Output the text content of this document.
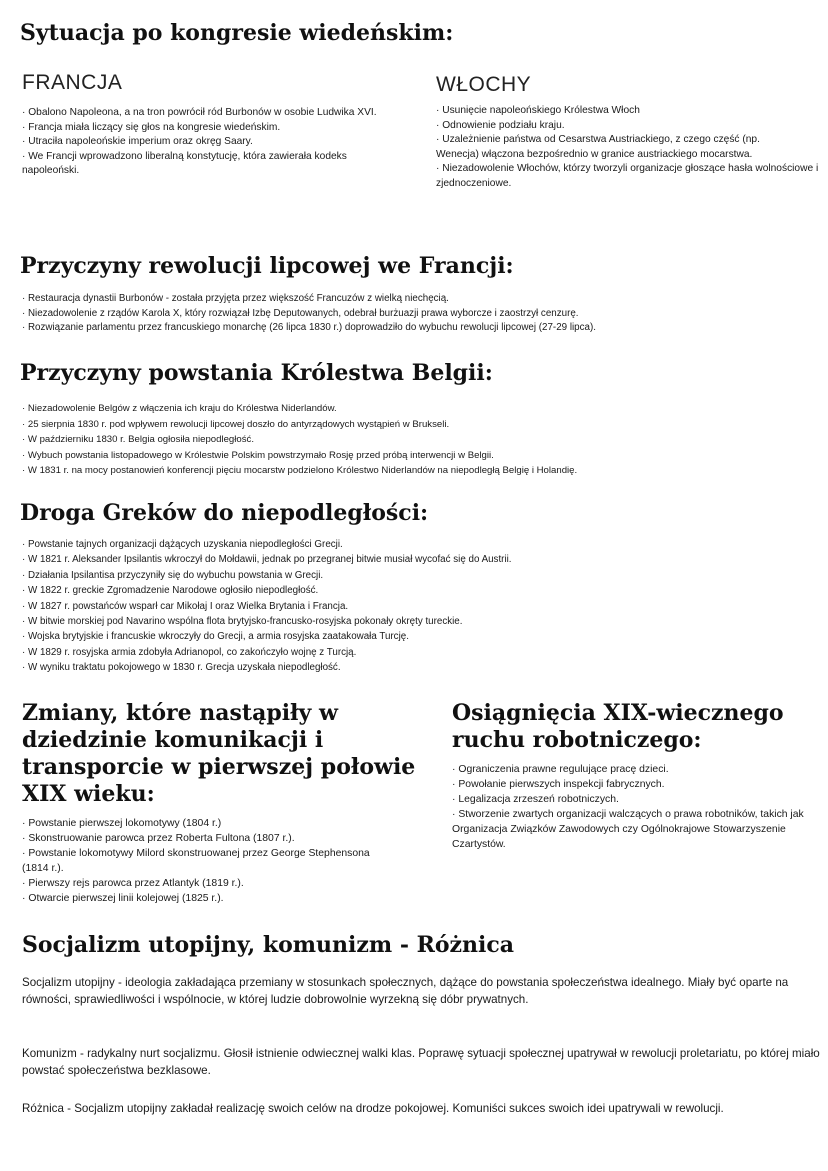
Sytuacja po kongresie wiedeńskim:
FRANCJA
· Obalono Napoleona, a na tron powrócił ród Burbonów w osobie Ludwika XVI.
· Francja miała liczący się głos na kongresie wiedeńskim.
· Utraciła napoleońskie imperium oraz okręg Saary.
· We Francji wprowadzono liberalną konstytucję, która zawierała kodeks napoleoński.
WŁOCHY
· Usunięcie napoleońskiego Królestwa Włoch
· Odnowienie podziału kraju.
· Uzależnienie państwa od Cesarstwa Austriackiego, z czego część (np. Wenecja) włączona bezpośrednio w granice austriackiego mocarstwa.
· Niezadowolenie Włochów, którzy tworzyli organizacje głoszące hasła wolnościowe i zjednoczeniowe.
Przyczyny rewolucji lipcowej we Francji:
· Restauracja dynastii Burbonów - została przyjęta przez większość Francuzów z wielką niechęcią.
· Niezadowolenie z rządów Karola X, który rozwiązał Izbę Deputowanych, odebrał burżuazji prawa wyborcze i zaostrzył cenzurę.
· Rozwiązanie parlamentu przez francuskiego monarchę (26 lipca 1830 r.) doprowadziło do wybuchu rewolucji lipcowej (27-29 lipca).
Przyczyny powstania Królestwa Belgii:
· Niezadowolenie Belgów z włączenia ich kraju do Królestwa Niderlandów.
· 25 sierpnia 1830 r. pod wpływem rewolucji lipcowej doszło do antyrządowych wystąpień w Brukseli.
· W październiku 1830 r. Belgia ogłosiła niepodległość.
· Wybuch powstania listopadowego w Królestwie Polskim powstrzymało Rosję przed próbą interwencji w Belgii.
· W 1831 r. na mocy postanowień konferencji pięciu mocarstw podzielono Królestwo Niderlandów na niepodległą Belgię i Holandię.
Droga Greków do niepodległości:
· Powstanie tajnych organizacji dążących uzyskania niepodległości Grecji.
· W 1821 r. Aleksander Ipsilantis wkroczył do Mołdawii, jednak po przegranej bitwie musiał wycofać się do Austrii.
· Działania Ipsilantisa przyczyniły się do wybuchu powstania w Grecji.
· W 1822 r. greckie Zgromadzenie Narodowe ogłosiło niepodległość.
· W 1827 r. powstańców wsparł car Mikołaj I oraz Wielka Brytania i Francja.
· W bitwie morskiej pod Navarino wspólna flota brytyjsko-francusko-rosyjska pokonały okręty tureckie.
· Wojska brytyjskie i francuskie wkroczyły do Grecji, a armia rosyjska zaatakowała Turcję.
· W 1829 r. rosyjska armia zdobyła Adrianopol, co zakończyło wojnę z Turcją.
· W wyniku traktatu pokojowego w 1830 r. Grecja uzyskała niepodległość.
Zmiany, które nastąpiły w dziedzinie komunikacji i transporcie w pierwszej połowie XIX wieku:
· Powstanie pierwszej lokomotywy (1804 r.)
· Skonstruowanie parowca przez Roberta Fultona (1807 r.).
· Powstanie lokomotywy Milord skonstruowanej przez George Stephensona (1814 r.).
· Pierwszy rejs parowca przez Atlantyk (1819 r.).
· Otwarcie pierwszej linii kolejowej (1825 r.).
Osiągnięcia XIX-wiecznego ruchu robotniczego:
· Ograniczenia prawne regulujące pracę dzieci.
· Powołanie pierwszych inspekcji fabrycznych.
· Legalizacja zrzeszeń robotniczych.
· Stworzenie zwartych organizacji walczących o prawa robotników, takich jak Organizacja Związków Zawodowych czy Ogólnokrajowe Stowarzyszenie Czartystów.
Socjalizm utopijny, komunizm - Różnica

Socjalizm utopijny - ideologia zakładająca przemiany w stosunkach społecznych, dążące do powstania społeczeństwa idealnego. Miały być oparte na równości, sprawiedliwości i wspólnocie, w której ludzie dobrowolnie wyrzekną się dóbr prywatnych.

Komunizm - radykalny nurt socjalizmu. Głosił istnienie odwiecznej walki klas. Poprawę sytuacji społecznej upatrywał w rewolucji proletariatu, po której miało powstać społeczeństwa bezklasowe.

Różnica - Socjalizm utopijny zakładał realizację swoich celów na drodze pokojowej. Komuniści sukces swoich idei upatrywali w rewolucji.
